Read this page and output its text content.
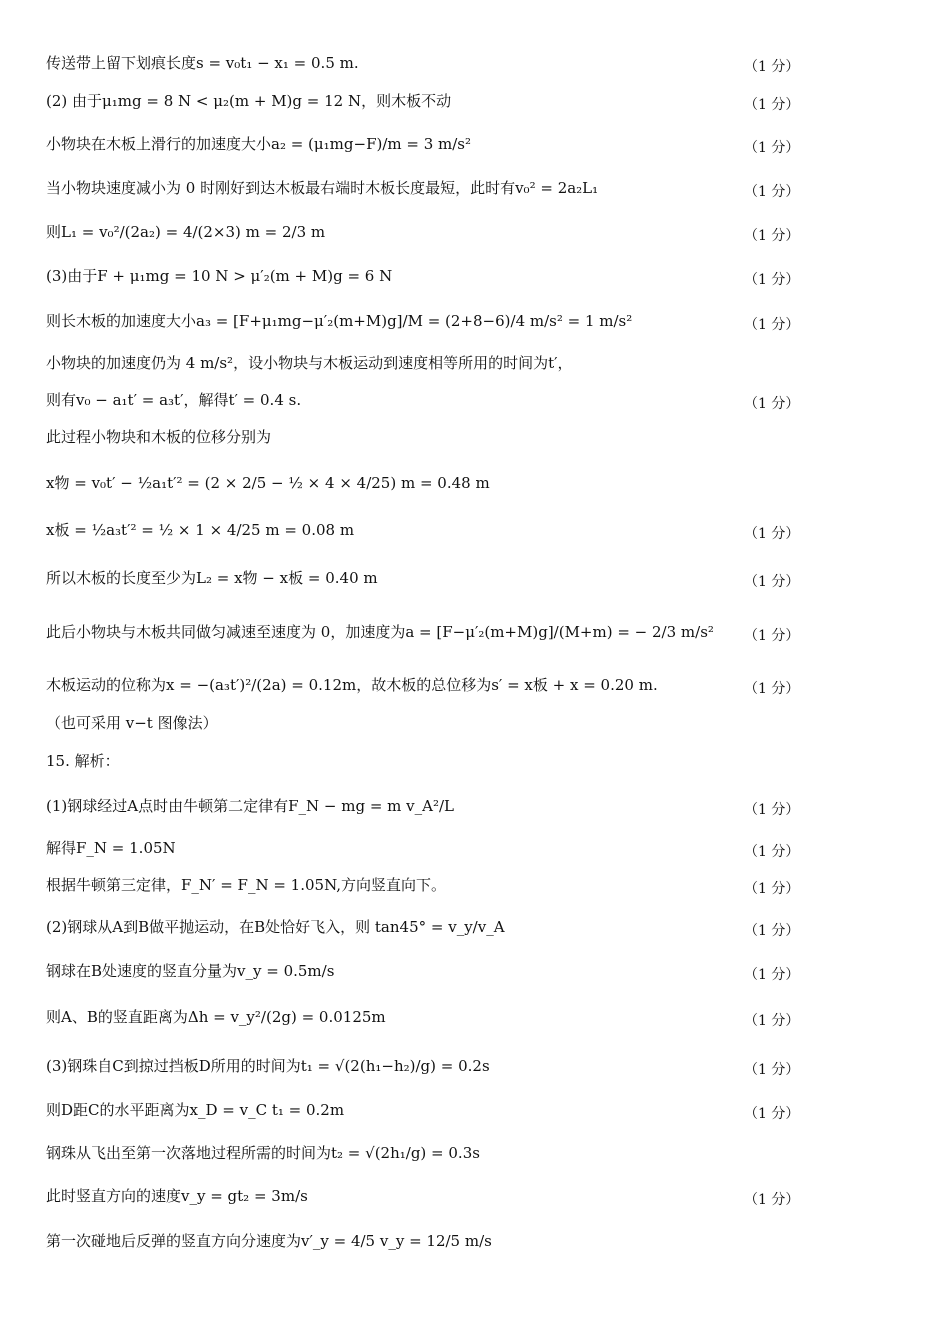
传送带上留下划痕长度s = v₀t₁ − x₁ = 0.5 m.	（1 分）
(2) 由于μ₁mg = 8 N < μ₂(m + M)g = 12 N，则木板不动	（1 分）
小物块在木板上滑行的加速度大小a₂ = (μ₁mg−F)/m = 3 m/s²	（1 分）
当小物块速度减小为 0 时刚好到达木板最右端时木板长度最短，此时有v₀² = 2a₂L₁	（1 分）
则L₁ = v₀²/(2a₂) = 4/(2×3) m = 2/3 m	（1 分）
(3)由于F + μ₁mg = 10 N > μ′₂(m + M)g = 6 N	（1 分）
则长木板的加速度大小a₃ = [F+μ₁mg−μ′₂(m+M)g]/M = (2+8−6)/4 m/s² = 1 m/s²	（1 分）
小物块的加速度仍为 4 m/s²，设小物块与木板运动到速度相等所用的时间为t′，
则有v₀ − a₁t′ = a₃t′，解得t′ = 0.4 s.	（1 分）
此过程小物块和木板的位移分别为
x物 = v₀t′ − ½a₁t′² = (2 × 2/5 − ½ × 4 × 4/25) m = 0.48 m
x板 = ½a₃t′² = ½ × 1 × 4/25 m = 0.08 m	（1 分）
所以木板的长度至少为L₂ = x物 − x板 = 0.40 m	（1 分）
此后小物块与木板共同做匀减速至速度为 0，加速度为a = [F−μ′₂(m+M)g]/(M+m) = − 2/3 m/s² （1 分）
木板运动的位称为x = −(a₃t′)²/(2a) = 0.12m，故木板的总位移为s′ = x板 + x = 0.20 m.	（1 分）
（也可采用 v−t 图像法）
15. 解析：
(1)钢球经过A点时由牛顿第二定律有F_N − mg = m v_A²/L	（1 分）
解得F_N = 1.05N	（1 分）
根据牛顿第三定律，F_N′ = F_N = 1.05N,方向竖直向下。	（1 分）
(2)钢球从A到B做平抛运动，在B处恰好飞入，则 tan45° = v_y/v_A	（1 分）
钢球在B处速度的竖直分量为v_y = 0.5m/s	（1 分）
则A、B的竖直距离为Δh = v_y²/(2g) = 0.0125m	（1 分）
(3)钢珠自C到掠过挡板D所用的时间为t₁ = √(2(h₁−h₂)/g) = 0.2s	（1 分）
则D距C的水平距离为x_D = v_C t₁ = 0.2m	（1 分）
钢珠从飞出至第一次落地过程所需的时间为t₂ = √(2h₁/g) = 0.3s
此时竖直方向的速度v_y = gt₂ = 3m/s	（1 分）
第一次碰地后反弹的竖直方向分速度为v′_y = 4/5 v_y = 12/5 m/s
